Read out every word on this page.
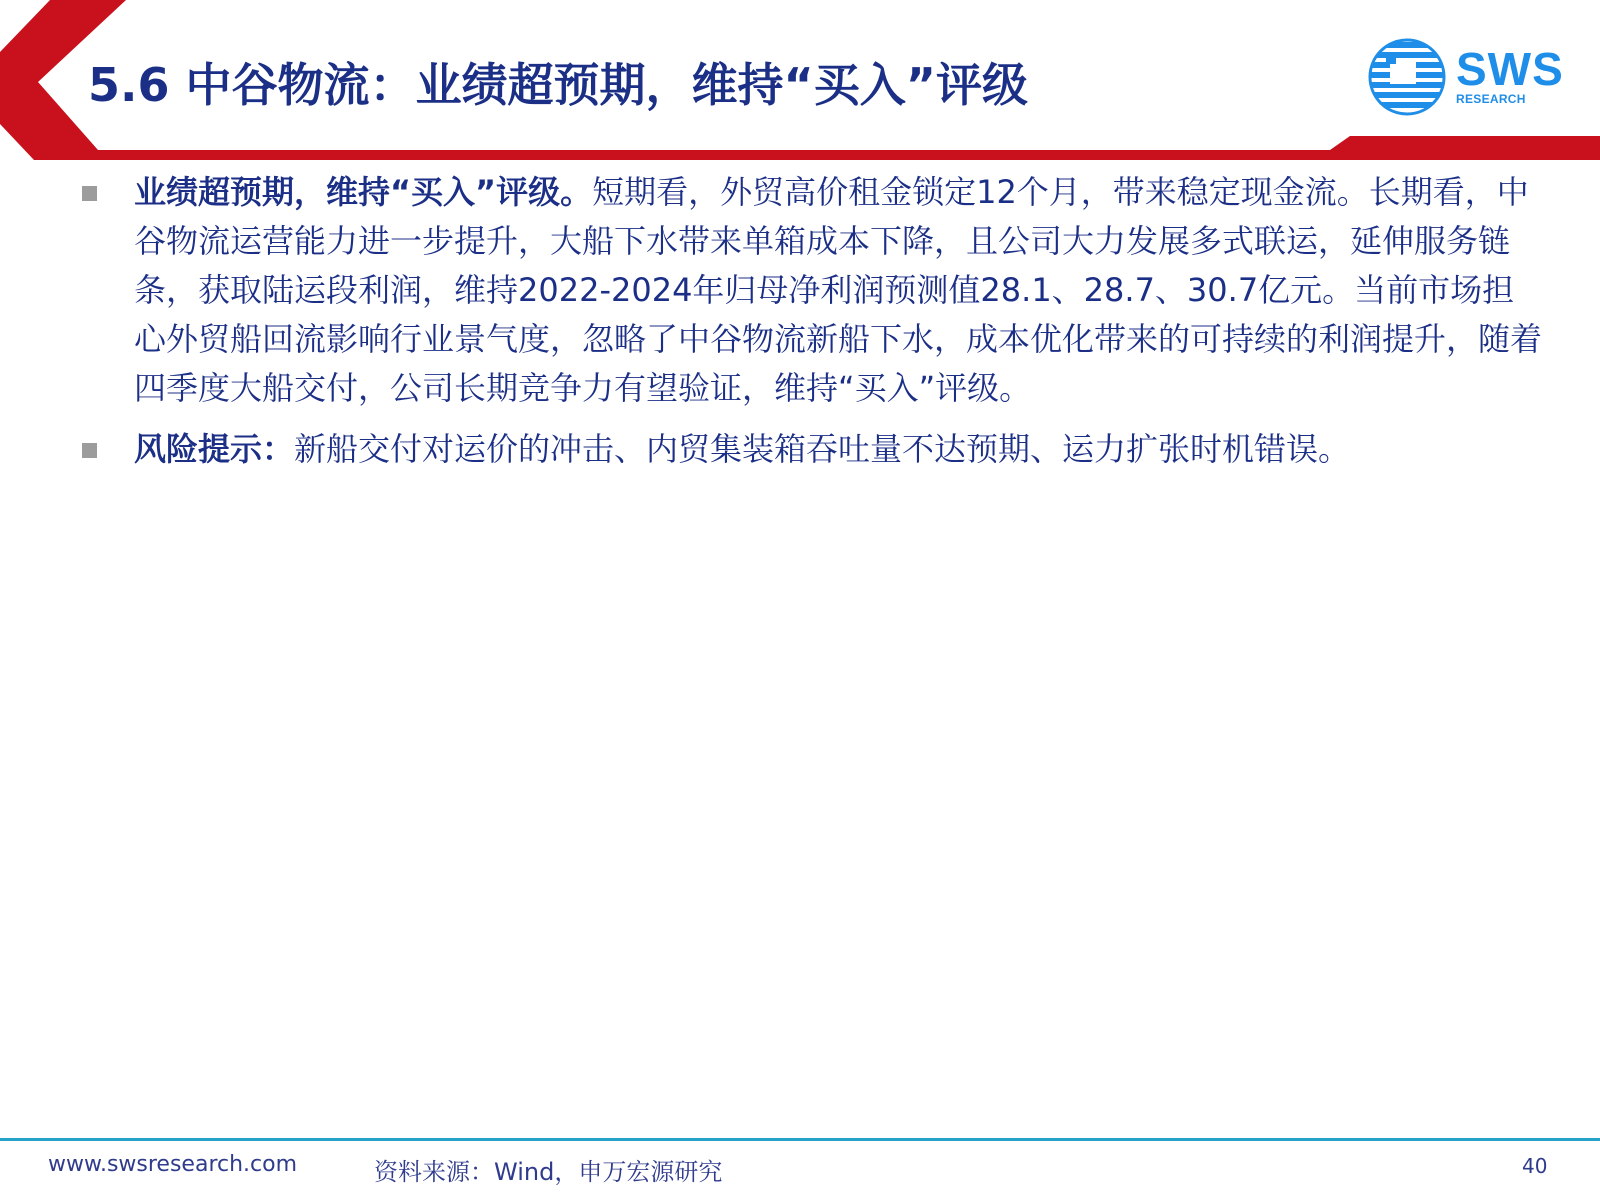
5.6 中谷物流：业绩超预期，维持“买入”评级	SWS
RESEARCH
业绩超预期，维持“买入”评级。短期看，外贸高价租金锁定12个月，带来稳定现金流。长期看，中谷物流运营能力进一步提升，大船下水带来单箱成本下降，且公司大力发展多式联运，延伸服务链条，获取陆运段利润，维持2022-2024年归母净利润预测值28.1、28.7、30.7亿元。当前市场担心外贸船回流影响行业景气度，忽略了中谷物流新船下水，成本优化带来的可持续的利润提升，随着四季度大船交付，公司长期竞争力有望验证，维持“买入”评级。
风险提示：新船交付对运价的冲击、内贸集装箱吞吐量不达预期、运力扩张时机错误。
www.swsresearch.com	资料来源：Wind，申万宏源研究	40
